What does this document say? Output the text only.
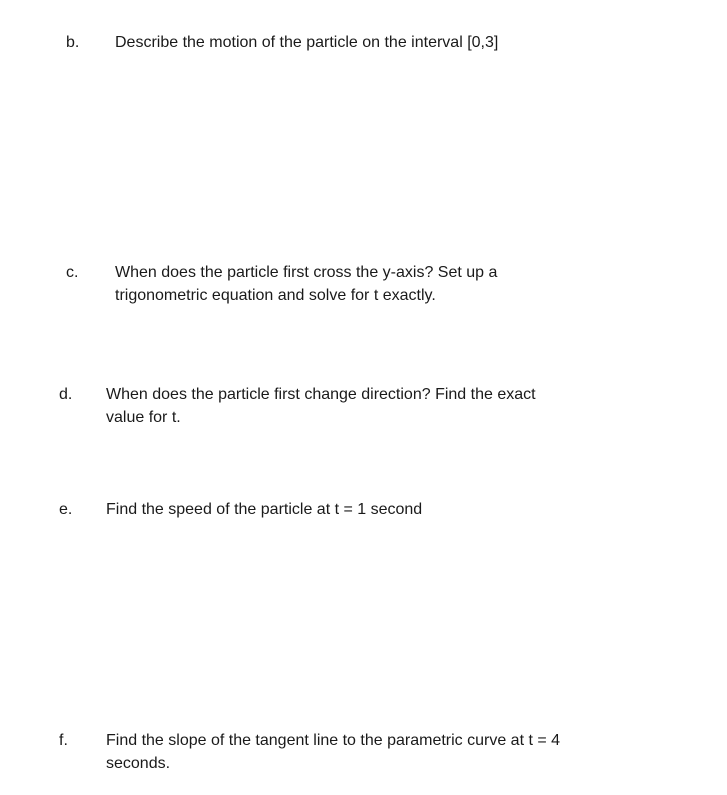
b. Describe the motion of the particle on the interval [0,3]
c. When does the particle first cross the y-axis? Set up a
trigonometric equation and solve for t exactly.
d. When does the particle first change direction? Find the exact
value for t.
e. Find the speed of the particle at t = 1 second
f. Find the slope of the tangent line to the parametric curve at t = 4
seconds.
